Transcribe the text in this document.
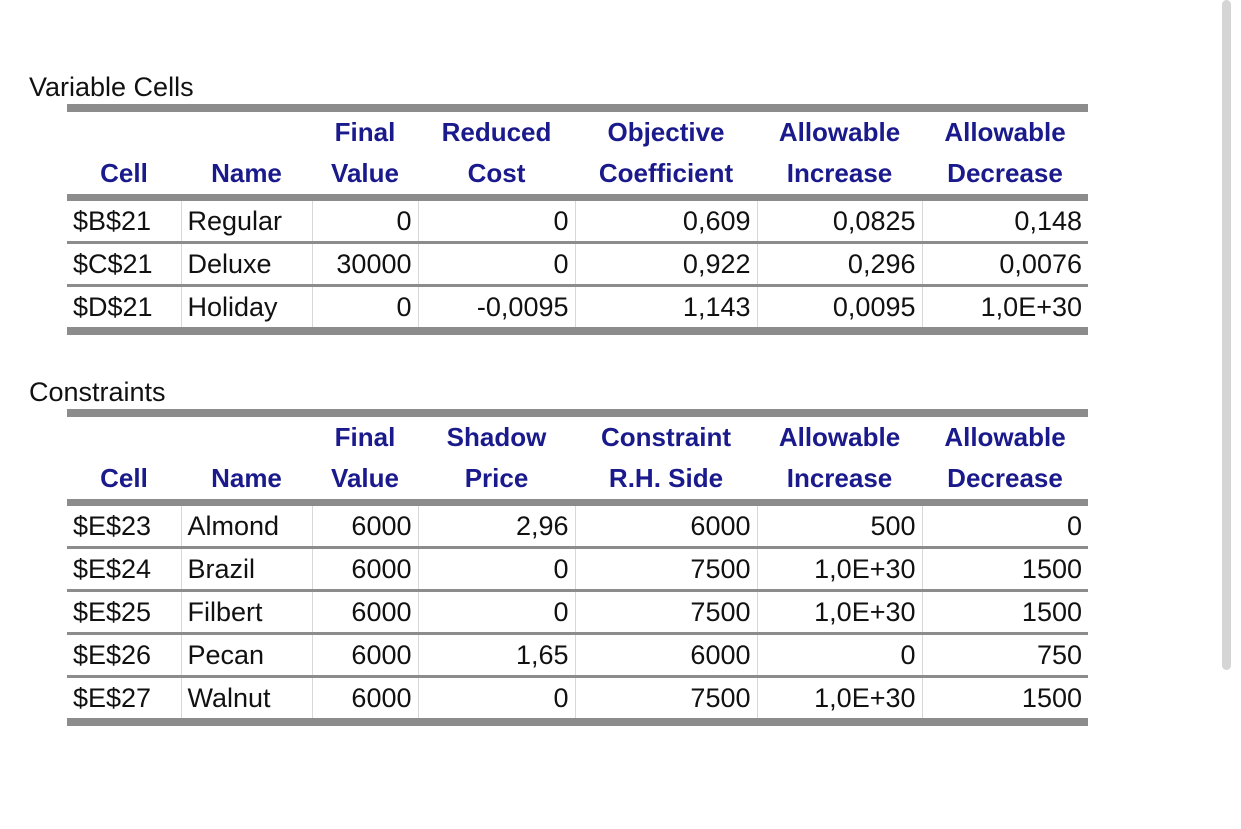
Variable Cells
		Final	Reduced	Objective	Allowable	Allowable
Cell	Name	Value	Cost	Coefficient	Increase	Decrease
$B$21	Regular	0	0	0,609	0,0825	0,148
$C$21	Deluxe	30000	0	0,922	0,296	0,0076
$D$21	Holiday	0	-0,0095	1,143	0,0095	1,0E+30
Constraints
		Final	Shadow	Constraint	Allowable	Allowable
Cell	Name	Value	Price	R.H. Side	Increase	Decrease
$E$23	Almond	6000	2,96	6000	500	0
$E$24	Brazil	6000	0	7500	1,0E+30	1500
$E$25	Filbert	6000	0	7500	1,0E+30	1500
$E$26	Pecan	6000	1,65	6000	0	750
$E$27	Walnut	6000	0	7500	1,0E+30	1500
